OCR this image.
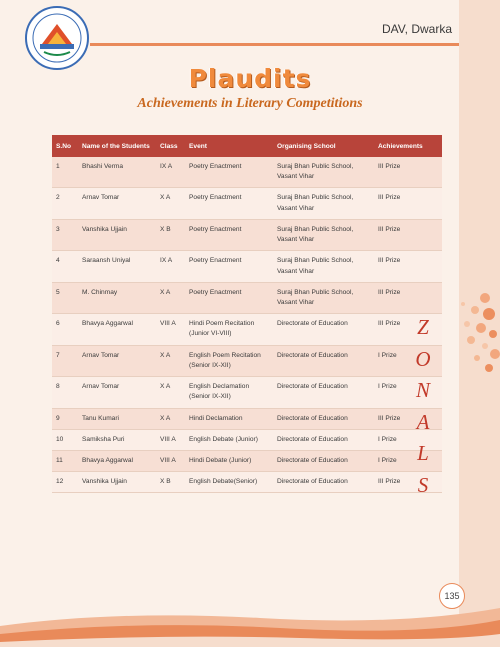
DAV, Dwarka
Plaudits
Achievements in Literary Competitions
S.No	Name of the Students	Class	Event	Organising School	Achievements
1	Bhashi Verma	IX A	Poetry Enactment	Suraj Bhan Public School, Vasant Vihar	III Prize
2	Arnav Tomar	X A	Poetry Enactment	Suraj Bhan Public School, Vasant Vihar	III Prize
3	Vanshika Ujjain	X B	Poetry Enactment	Suraj Bhan Public School, Vasant Vihar	III Prize
4	Saraansh Uniyal	IX A	Poetry Enactment	Suraj Bhan Public School, Vasant Vihar	III Prize
5	M. Chinmay	X A	Poetry Enactment	Suraj Bhan Public School, Vasant Vihar	III Prize
6	Bhavya Aggarwal	VIII A	Hindi Poem Recitation (Junior VI-VIII)	Directorate of Education	III Prize
7	Arnav Tomar	X A	English Poem Recitation (Senior IX-XII)	Directorate of Education	I Prize
8	Arnav Tomar	X A	English Declamation (Senior IX-XII)	Directorate of Education	I Prize
9	Tanu Kumari	X A	Hindi Declamation	Directorate of Education	III Prize
10	Samiksha Puri	VIII A	English Debate (Junior)	Directorate of Education	I Prize
11	Bhavya Aggarwal	VIII A	Hindi Debate (Junior)	Directorate of Education	I Prize
12	Vanshika Ujjain	X B	English Debate(Senior)	Directorate of Education	III Prize
Z
O
N
A
L
S
135
